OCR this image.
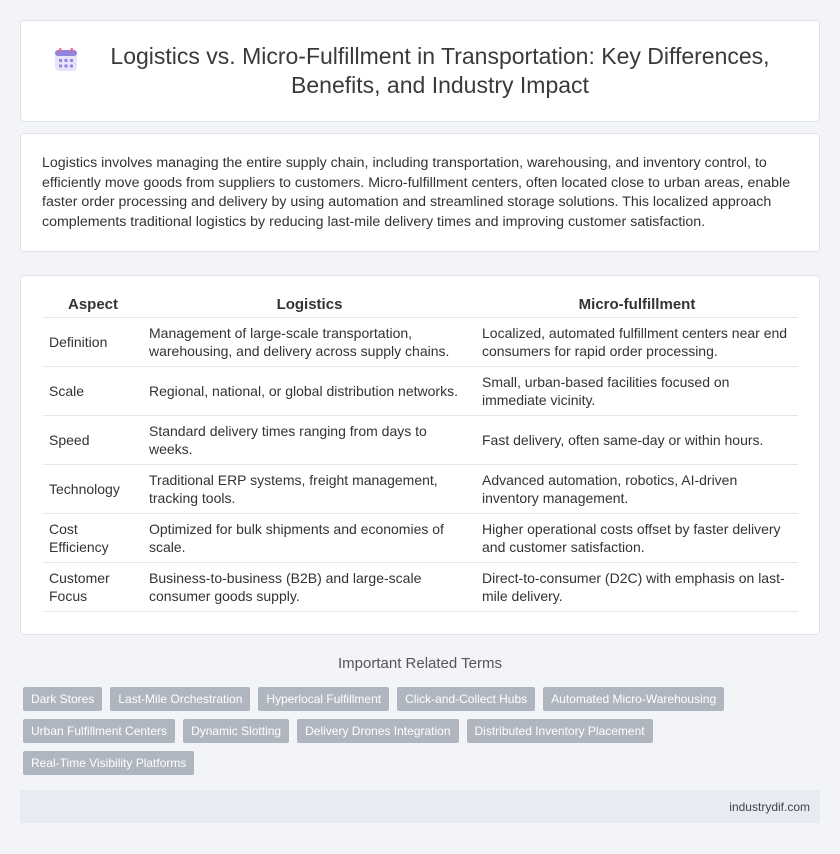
Logistics vs. Micro-Fulfillment in Transportation: Key Differences, Benefits, and Industry Impact

Logistics involves managing the entire supply chain, including transportation, warehousing, and inventory control, to efficiently move goods from suppliers to customers. Micro-fulfillment centers, often located close to urban areas, enable faster order processing and delivery by using automation and streamlined storage solutions. This localized approach complements traditional logistics by reducing last-mile delivery times and improving customer satisfaction.

Aspect	Logistics	Micro-fulfillment
Definition	Management of large-scale transportation, warehousing, and delivery across supply chains.	Localized, automated fulfillment centers near end consumers for rapid order processing.
Scale	Regional, national, or global distribution networks.	Small, urban-based facilities focused on immediate vicinity.
Speed	Standard delivery times ranging from days to weeks.	Fast delivery, often same-day or within hours.
Technology	Traditional ERP systems, freight management, tracking tools.	Advanced automation, robotics, AI-driven inventory management.
Cost Efficiency	Optimized for bulk shipments and economies of scale.	Higher operational costs offset by faster delivery and customer satisfaction.
Customer Focus	Business-to-business (B2B) and large-scale consumer goods supply.	Direct-to-consumer (D2C) with emphasis on last-mile delivery.
Important Related Terms
Dark Stores	Last-Mile Orchestration	Hyperlocal Fulfillment	Click-and-Collect Hubs	Automated Micro-Warehousing
Urban Fulfillment Centers	Dynamic Slotting	Delivery Drones Integration	Distributed Inventory Placement
Real-Time Visibility Platforms
industrydif.com
